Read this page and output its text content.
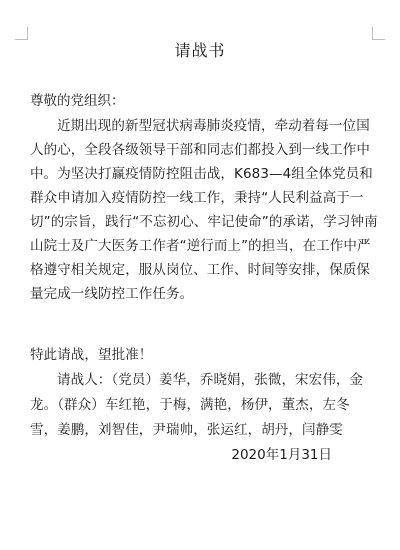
请战书
尊敬的党组织：
近期出现的新型冠状病毒肺炎疫情，牵动着每一位国
人的心，全段各级领导干部和同志们都投入到一线工作中
中。为坚决打赢疫情防控阻击战，K683—4组全体党员和
群众申请加入疫情防控一线工作，秉持“人民利益高于一
切”的宗旨，践行“不忘初心、牢记使命”的承诺，学习钟南
山院士及广大医务工作者“逆行而上”的担当，在工作中严
格遵守相关规定，服从岗位、工作、时间等安排，保质保
量完成一线防控工作任务。
特此请战，望批准！
请战人：（党员）姜华，乔晓娟，张微，宋宏伟，金
龙。（群众）车红艳，于梅，满艳，杨伊，董杰，左冬
雪，姜鹏，刘智佳，尹瑞帅，张运红，胡丹，闫静雯
2020年1月31日
